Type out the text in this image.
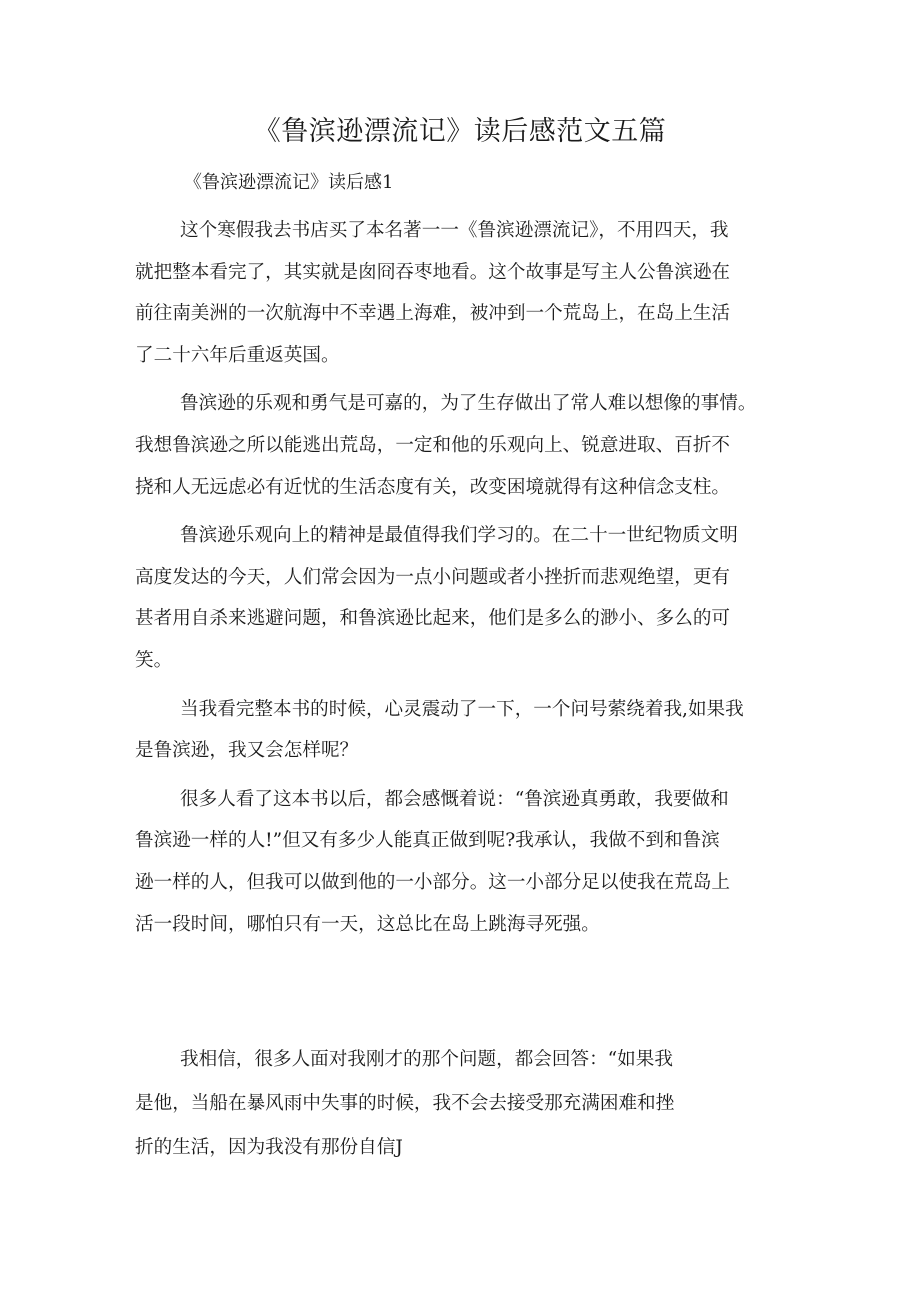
《鲁滨逊漂流记》读后感范文五篇
《鲁滨逊漂流记》读后感1

这个寒假我去书店买了本名著一一《鲁滨逊漂流记》，不用四天，我
就把整本看完了，其实就是囱冏吞枣地看。这个故事是写主人公鲁滨逊在
前往南美洲的一次航海中不幸遇上海难，被冲到一个荒岛上，在岛上生活
了二十六年后重返英国。

鲁滨逊的乐观和勇气是可嘉的，为了生存做出了常人难以想像的事情。
我想鲁滨逊之所以能逃出荒岛，一定和他的乐观向上、锐意进取、百折不
挠和人无远虑必有近忧的生活态度有关，改变困境就得有这种信念支柱。

鲁滨逊乐观向上的精神是最值得我们学习的。在二十一世纪物质文明
高度发达的今天，人们常会因为一点小问题或者小挫折而悲观绝望，更有
甚者用自杀来逃避问题，和鲁滨逊比起来，他们是多么的渺小、多么的可
笑。

当我看完整本书的时候，心灵震动了一下，一个问号萦绕着我,如果我
是鲁滨逊，我又会怎样呢？

很多人看了这本书以后，都会感慨着说：“鲁滨逊真勇敢，我要做和
鲁滨逊一样的人!”但又有多少人能真正做到呢?我承认，我做不到和鲁滨
逊一样的人，但我可以做到他的一小部分。这一小部分足以使我在荒岛上
活一段时间，哪怕只有一天，这总比在岛上跳海寻死强。

我相信，很多人面对我刚才的那个问题，都会回答：“如果我
是他，当船在暴风雨中失事的时候，我不会去接受那充满困难和挫
折的生活，因为我没有那份自信J
